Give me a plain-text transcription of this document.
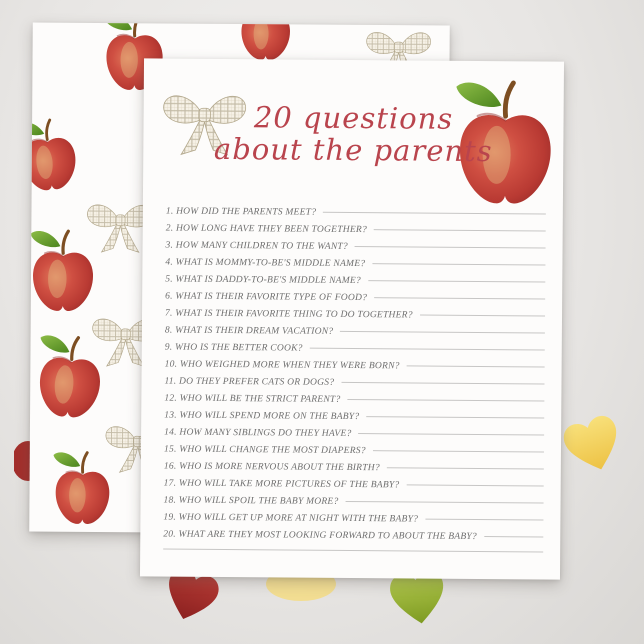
20 questions
about the parents
1. HOW DID THE PARENTS MEET?
2. HOW LONG HAVE THEY BEEN TOGETHER?
3. HOW MANY CHILDREN TO THE WANT?
4. WHAT IS MOMMY-TO-BE'S MIDDLE NAME?
5. WHAT IS DADDY-TO-BE'S MIDDLE NAME?
6. WHAT IS THEIR FAVORITE TYPE OF FOOD?
7. WHAT IS THEIR FAVORITE THING TO DO TOGETHER?
8. WHAT IS THEIR DREAM VACATION?
9. WHO IS THE BETTER COOK?
10. WHO WEIGHED MORE WHEN THEY WERE BORN?
11. DO THEY PREFER CATS OR DOGS?
12. WHO WILL BE THE STRICT PARENT?
13. WHO WILL SPEND MORE ON THE BABY?
14. HOW MANY SIBLINGS DO THEY HAVE?
15. WHO WILL CHANGE THE MOST DIAPERS?
16. WHO IS MORE NERVOUS ABOUT THE BIRTH?
17. WHO WILL TAKE MORE PICTURES OF THE BABY?
18. WHO WILL SPOIL THE BABY MORE?
19. WHO WILL GET UP MORE AT NIGHT WITH THE BABY?
20. WHAT ARE THEY MOST LOOKING FORWARD TO ABOUT THE BABY?
